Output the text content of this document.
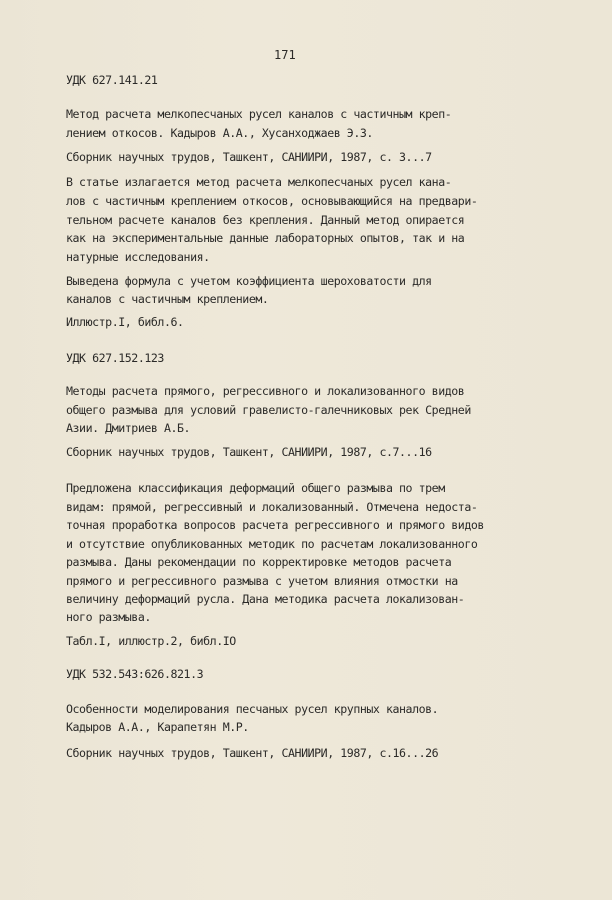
171
УДК 627.141.21
Метод расчета мелкопесчаных русел каналов с частичным креп-
лением откосов. Кадыров А.А., Хусанходжаев Э.З.
Сборник научных трудов, Ташкент, САНИИРИ, 1987, с. 3...7
В статье излагается метод расчета мелкопесчаных русел кана-
лов с частичным креплением откосов, основывающийся на предвари-
тельном расчете каналов без крепления. Данный метод опирается
как на экспериментальные данные лабораторных опытов, так и на
натурные исследования.
Выведена формула с учетом коэффициента шероховатости для
каналов с частичным креплением.
Иллюстр.I, библ.6.
УДК 627.152.123
Методы расчета прямого, регрессивного и локализованного видов
общего размыва для условий гравелисто-галечниковых рек Средней
Азии. Дмитриев А.Б.
Сборник научных трудов, Ташкент, САНИИРИ, 1987, с.7...16
Предложена классификация деформаций общего размыва по трем
видам: прямой, регрессивный и локализованный. Отмечена недоста-
точная проработка вопросов расчета регрессивного и прямого видов
и отсутствие опубликованных методик по расчетам локализованного
размыва. Даны рекомендации по корректировке методов расчета
прямого и регрессивного размыва с учетом влияния отмостки на
величину деформаций русла. Дана методика расчета локализован-
ного размыва.
Табл.I, иллюстр.2, библ.IO
УДК 532.543:626.821.3
Особенности моделирования песчаных русел крупных каналов.
Кадыров А.А., Карапетян М.Р.
Сборник научных трудов, Ташкент, САНИИРИ, 1987, с.16...26
